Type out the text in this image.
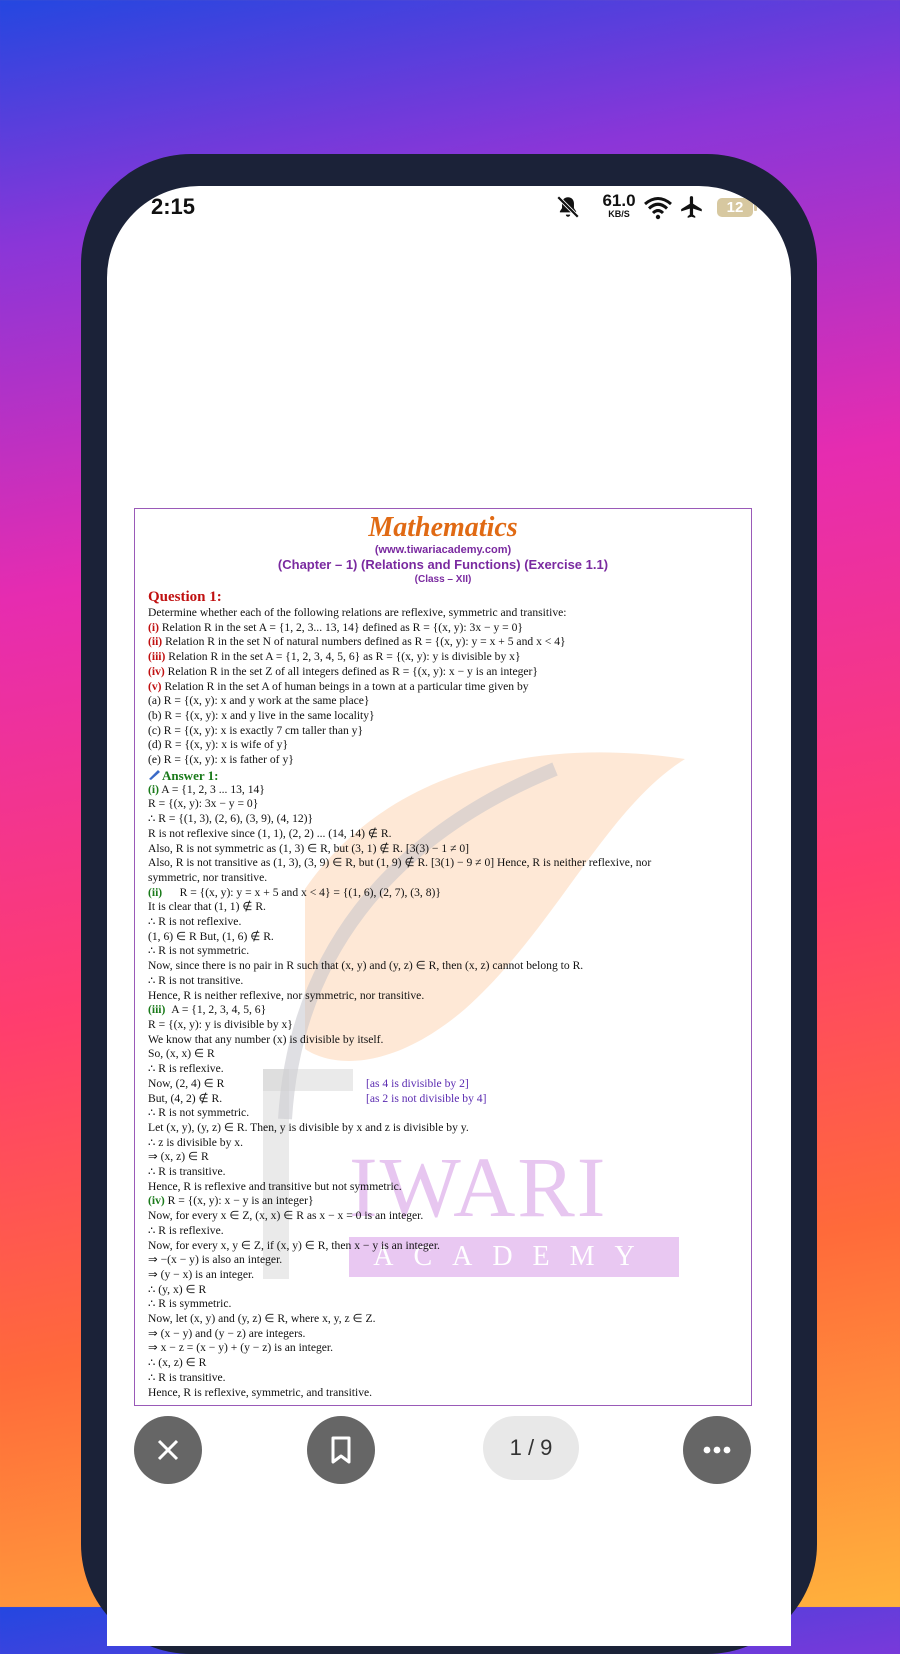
2:15	61.0
KB/S	12
IWARI
ACADEMY
Mathematics
(www.tiwariacademy.com)
(Chapter – 1) (Relations and Functions) (Exercise 1.1)
(Class – XII)
Question 1:
Determine whether each of the following relations are reflexive, symmetric and transitive:
(i) Relation R in the set A = {1, 2, 3... 13, 14} defined as R = {(x, y): 3x − y = 0}
(ii) Relation R in the set N of natural numbers defined as R = {(x, y): y = x + 5 and x < 4}
(iii) Relation R in the set A = {1, 2, 3, 4, 5, 6} as R = {(x, y): y is divisible by x}
(iv) Relation R in the set Z of all integers defined as R = {(x, y): x − y is an integer}
(v) Relation R in the set A of human beings in a town at a particular time given by
(a) R = {(x, y): x and y work at the same place}
(b) R = {(x, y): x and y live in the same locality}
(c) R = {(x, y): x is exactly 7 cm taller than y}
(d) R = {(x, y): x is wife of y}
(e) R = {(x, y): x is father of y}
Answer 1:
(i) A = {1, 2, 3 ... 13, 14}
R = {(x, y): 3x − y = 0}
∴ R = {(1, 3), (2, 6), (3, 9), (4, 12)}
R is not reflexive since (1, 1), (2, 2) ... (14, 14) ∉ R.
Also, R is not symmetric as (1, 3) ∈ R, but (3, 1) ∉ R. [3(3) − 1 ≠ 0]
Also, R is not transitive as (1, 3), (3, 9) ∈ R, but (1, 9) ∉ R. [3(1) − 9 ≠ 0] Hence, R is neither reflexive, nor
symmetric, nor transitive.
(ii) R = {(x, y): y = x + 5 and x < 4} = {(1, 6), (2, 7), (3, 8)}
It is clear that (1, 1) ∉ R.
∴ R is not reflexive.
(1, 6) ∈ R But, (1, 6) ∉ R.
∴ R is not symmetric.
Now, since there is no pair in R such that (x, y) and (y, z) ∈ R, then (x, z) cannot belong to R.
∴ R is not transitive.
Hence, R is neither reflexive, nor symmetric, nor transitive.
(iii) A = {1, 2, 3, 4, 5, 6}
R = {(x, y): y is divisible by x}
We know that any number (x) is divisible by itself.
So, (x, x) ∈ R
∴ R is reflexive.
Now, (2, 4) ∈ R	[as 4 is divisible by 2]
But, (4, 2) ∉ R.	[as 2 is not divisible by 4]
∴ R is not symmetric.
Let (x, y), (y, z) ∈ R. Then, y is divisible by x and z is divisible by y.
∴ z is divisible by x.
⇒ (x, z) ∈ R
∴ R is transitive.
Hence, R is reflexive and transitive but not symmetric.
(iv) R = {(x, y): x − y is an integer}
Now, for every x ∈ Z, (x, x) ∈ R as x − x = 0 is an integer.
∴ R is reflexive.
Now, for every x, y ∈ Z, if (x, y) ∈ R, then x − y is an integer.
⇒ −(x − y) is also an integer.
⇒ (y − x) is an integer.
∴ (y, x) ∈ R
∴ R is symmetric.
Now, let (x, y) and (y, z) ∈ R, where x, y, z ∈ Z.
⇒ (x − y) and (y − z) are integers.
⇒ x − z = (x − y) + (y − z) is an integer.
∴ (x, z) ∈ R
∴ R is transitive.
Hence, R is reflexive, symmetric, and transitive.
1 / 9
